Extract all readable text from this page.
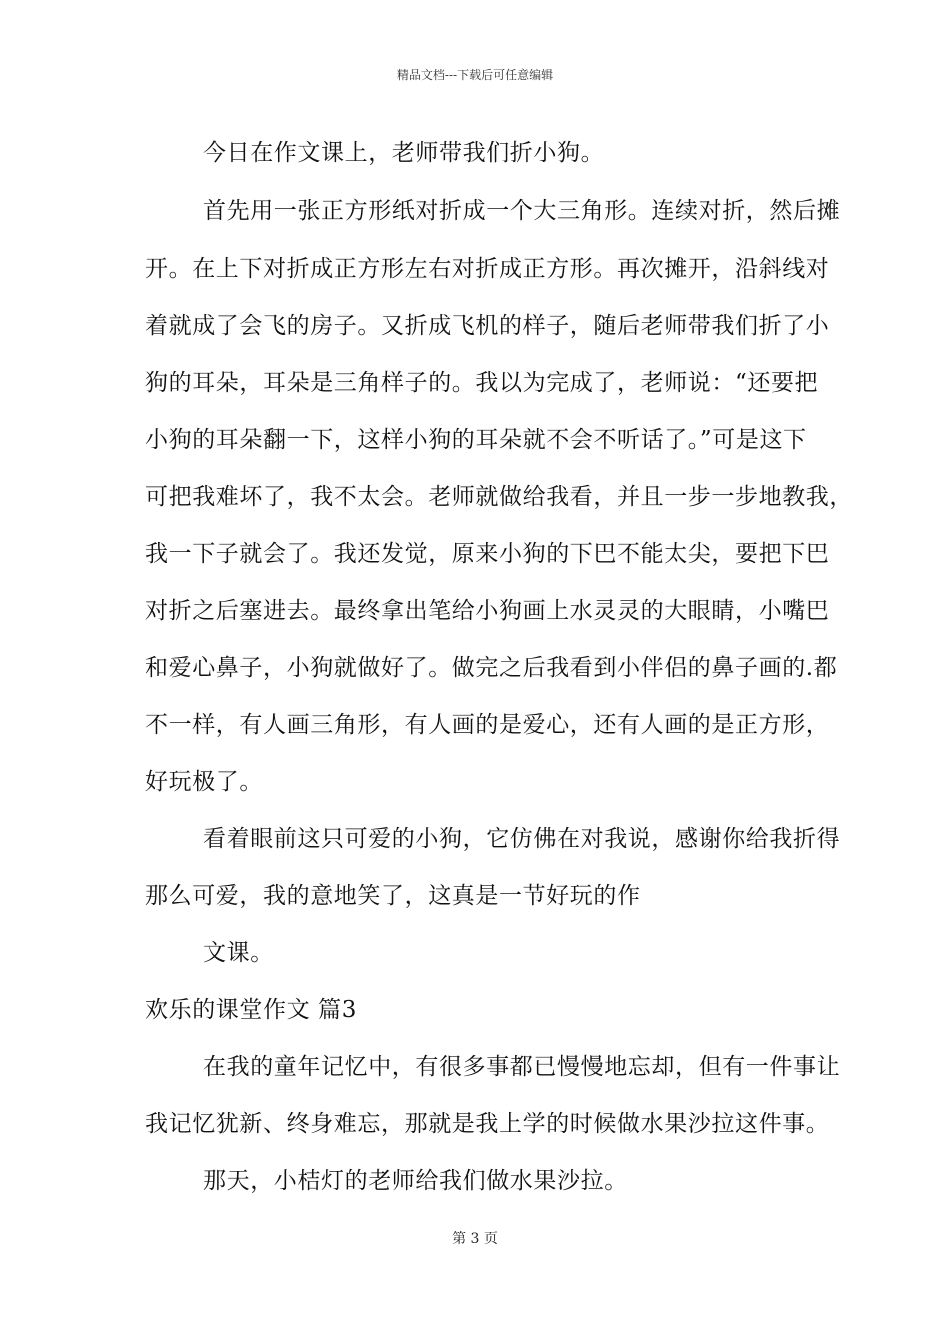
精品文档---下载后可任意编辑
今日在作文课上，老师带我们折小狗。
首先用一张正方形纸对折成一个大三角形。连续对折，然后摊
开。在上下对折成正方形左右对折成正方形。再次摊开，沿斜线对
着就成了会飞的房子。又折成飞机的样子，随后老师带我们折了小
狗的耳朵，耳朵是三角样子的。我以为完成了，老师说：“还要把
小狗的耳朵翻一下，这样小狗的耳朵就不会不听话了。”可是这下
可把我难坏了，我不太会。老师就做给我看，并且一步一步地教我，
我一下子就会了。我还发觉，原来小狗的下巴不能太尖，要把下巴
对折之后塞进去。最终拿出笔给小狗画上水灵灵的大眼睛，小嘴巴
和爱心鼻子，小狗就做好了。做完之后我看到小伴侣的鼻子画的.都
不一样，有人画三角形，有人画的是爱心，还有人画的是正方形，
好玩极了。
看着眼前这只可爱的小狗，它仿佛在对我说，感谢你给我折得
那么可爱，我的意地笑了，这真是一节好玩的作
文课。
欢乐的课堂作文 篇3
在我的童年记忆中，有很多事都已慢慢地忘却，但有一件事让
我记忆犹新、终身难忘，那就是我上学的时候做水果沙拉这件事。
那天，小桔灯的老师给我们做水果沙拉。
第 3 页
